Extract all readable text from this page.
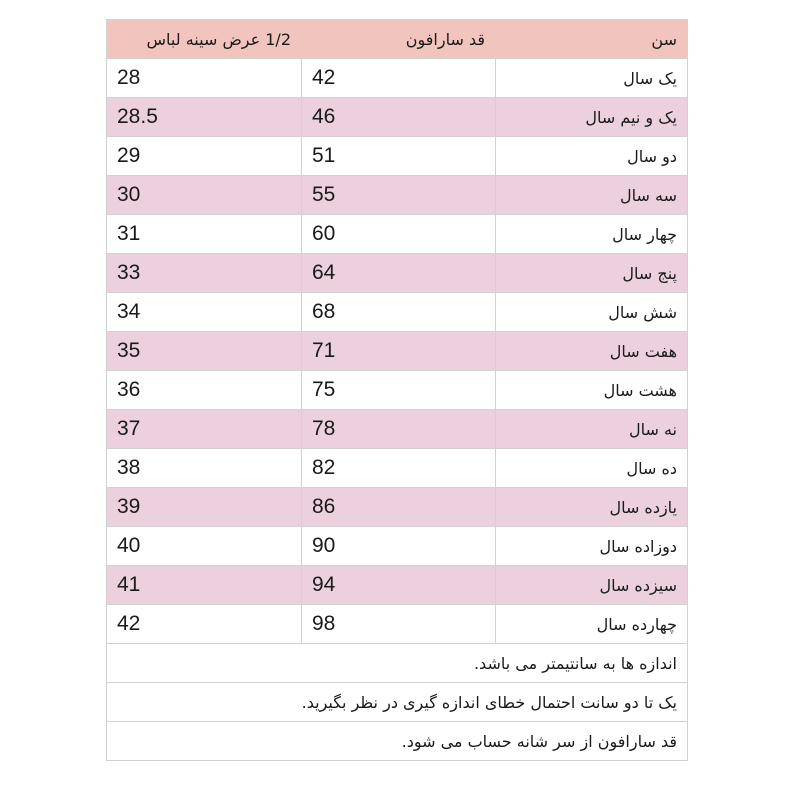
سن	قد سارافون	1/2 عرض سینه لباس
یک سال	42	28
یک و نیم سال	46	28.5
دو سال	51	29
سه سال	55	30
چهار سال	60	31
پنج سال	64	33
شش سال	68	34
هفت سال	71	35
هشت سال	75	36
نه سال	78	37
ده سال	82	38
یازده سال	86	39
دوزاده سال	90	40
سیزده سال	94	41
چهارده سال	98	42
اندازه ها به سانتیمتر می باشد.		
یک تا دو سانت احتمال خطای اندازه گیری در نظر بگیرید.		
قد سارافون از سر شانه حساب می شود.		
